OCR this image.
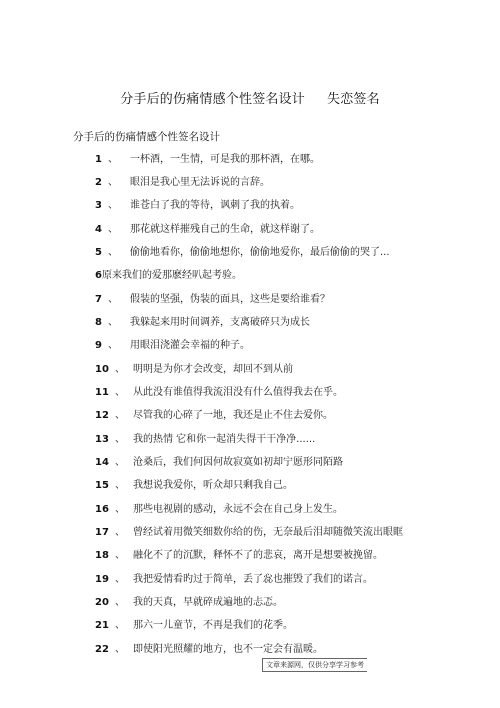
分手后的伤痛情感个性签名设计 失恋签名
分手后的伤痛情感个性签名设计
1 、	一杯酒，一生情，可是我的那杯酒，在哪。
2 、	眼泪是我心里无法诉说的言辞。
3 、	谁苍白了我的等待，讽刺了我的执着。
4 、	那花就这样摧残自己的生命，就这样谢了。
5 、	偷偷地看你，偷偷地想你，偷偷地爱你，最后偷偷的哭了...
6 原来我们的爱那麽经叭起考验。
7 、	假装的坚强，伪装的面具，这些是要给谁看？
8 、	我躲起来用时间调养，支离破碎只为成长
9 、	用眼泪浇灌会幸福的种子。
10 、 明明是为你才会改变，却回不到从前
11 、 从此没有谁值得我流泪没有什么值得我去在乎。
12 、 尽管我的心碎了一地，我还是止不住去爱你。
13 、 我的热情 它和你一起消失得干干净净......
14 、 沧桑后，我们何因何故寂寞如初却宁愿形同陌路
15 、 我想说我爱你，听众却只剩我自己。
16 、 那些电视剧的感动，永远不会在自己身上发生。
17 、 曾经试着用微笑细数你给的伤，无奈最后泪却随微笑流出眼眶
18 、 融化不了的沉默，释怀不了的悲哀，离开是想要被挽留。
19 、 我把爱情看旳过于简单，丢了惢也摧毁了我们的诺言。
20 、 我的天真，早就碎成遍地的忐忑。
21 、 那六一儿童节，不再是我们的花季。
22 、 即使阳光照耀的地方，也不一定会有温暖。
文章来源网，仅供分享学习参考
